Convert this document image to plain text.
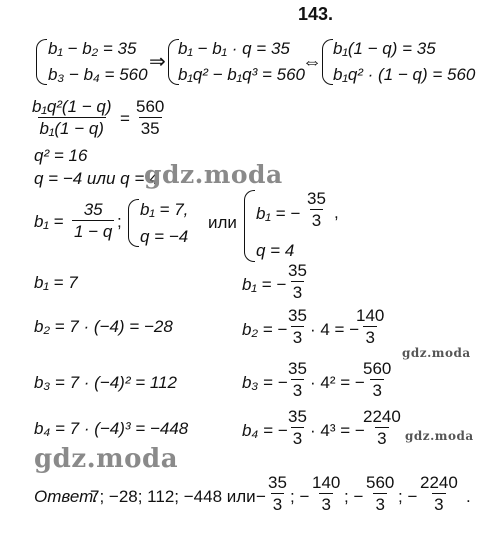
143.
b₁ − b₂ = 35
b₃ − b₄ = 560
⇒
b₁ − b₁ · q = 35
b₁q² − b₁q³ = 560
⇔
b₁(1 − q) = 35
b₁q² · (1 − q) = 560
$\frac{\text{b₁q²(1 − q)}}{\text{b₁(1 − q)}} = \frac{560}{35}$
q² = 16
q = −4 или q = 4
gdz.moda
$b_1 = \frac{35}{1 - q}$ ;
b₁ = 7,
q = −4
или b₁ = − $\frac{35}{3}$ ,
q = 4
b₁ = 7
b₂ = 7 · (−4) = −28
b₃ = 7 · (−4)² = 112
b₄ = 7 · (−4)³ = −448
b₁ = − $\frac{35}{3}$
b₂ = −
$\frac{35}{3} \cdot 4$ = −
$\frac{140}{3}$
gdz.moda
b₃ = −
$\frac{35}{3} \cdot 4^2$ = −
$\frac{560}{3}$
b₄ = −
$\frac{35}{3} \cdot 4^3$ = −
$\frac{2240}{3}$ gdz.moda
gdz.moda
Ответ:
7; −28; 112; −448 или − $\frac{35}{3}$ ; − $\frac{140}{3}$ ; − $\frac{560}{3}$ ; − $\frac{2240}{3}$ .
